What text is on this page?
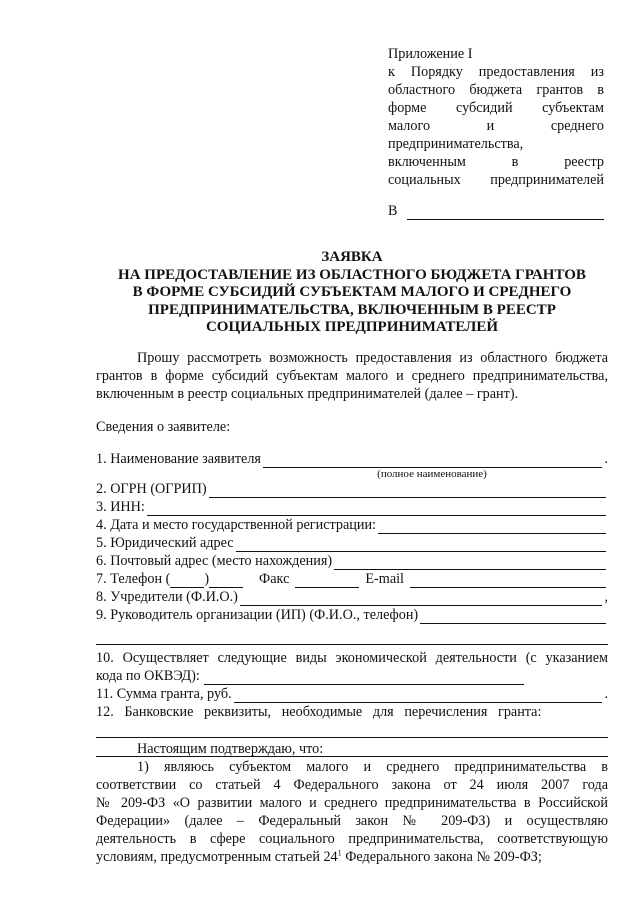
Приложение I
к Порядку предоставления из
областного бюджета грантов в
форме субсидий субъектам
малого	и	среднего
предпринимательства,
включенным	в	реестр
социальных предпринимателей
В
ЗАЯВКА
НА ПРЕДОСТАВЛЕНИЕ ИЗ ОБЛАСТНОГО БЮДЖЕТА ГРАНТОВ
В ФОРМЕ СУБСИДИЙ СУБЪЕКТАМ МАЛОГО И СРЕДНЕГО
ПРЕДПРИНИМАТЕЛЬСТВА, ВКЛЮЧЕННЫМ В РЕЕСТР
СОЦИАЛЬНЫХ ПРЕДПРИНИМАТЕЛЕЙ
Прошу рассмотреть возможность предоставления из областного бюджета
грантов в форме субсидий субъектам малого и среднего предпринимательства,
включенным в реестр социальных предпринимателей (далее – грант).
Сведения о заявителе:
1. Наименование заявителя	.
(полное наименование)
2. ОГРН (ОГРИП)
3. ИНН:
4. Дата и место государственной регистрации:
5. Юридический адрес
6. Почтовый адрес (место нахождения)
7. Телефон ( )	Факс	E-mail
8. Учредители (Ф.И.О.)	,
9. Руководитель организации (ИП) (Ф.И.О., телефон)
10. Осуществляет следующие виды экономической деятельности (с указанием
кода по ОКВЭД):
11. Сумма гранта, руб.	.
12.   Банковские   реквизиты,   необходимые   для   перечисления   гранта:
Настоящим подтверждаю, что:
1) являюсь субъектом малого и среднего предпринимательства в
соответствии со статьей 4 Федерального закона от 24 июля 2007 года
№ 209-ФЗ «О развитии малого и среднего предпринимательства в Российской
Федерации» (далее – Федеральный закон № 209-ФЗ) и осуществляю
деятельность в сфере социального предпринимательства, соответствующую
условиям, предусмотренным статьей $24^1$ Федерального закона № 209-ФЗ;
